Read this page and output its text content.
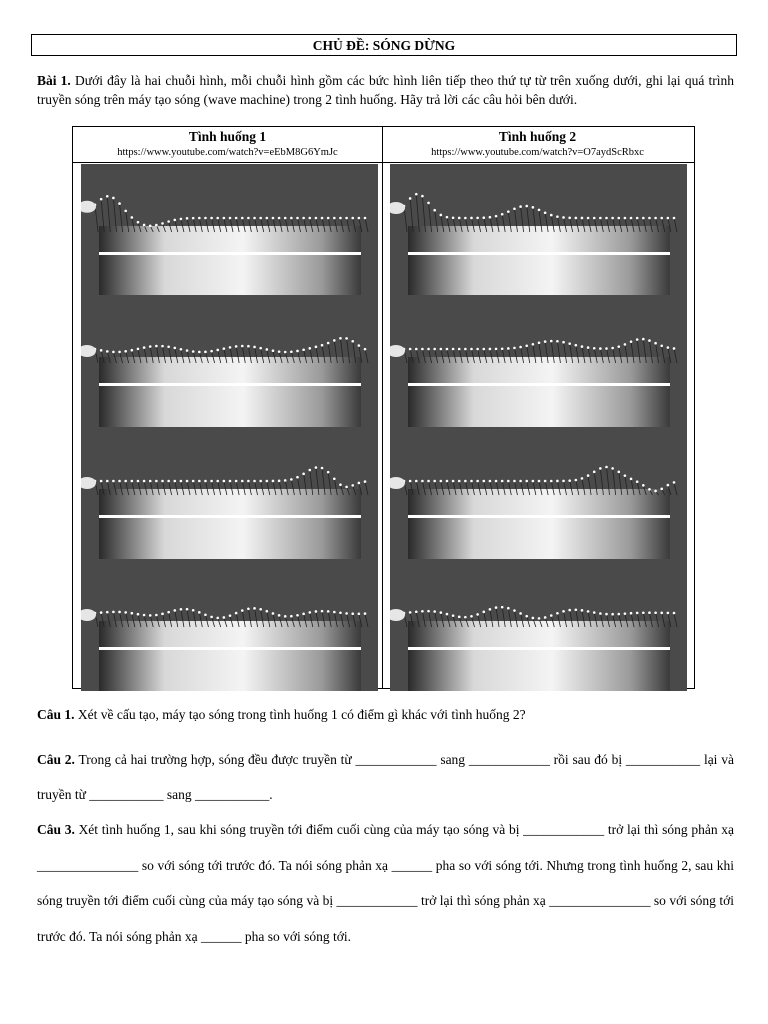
CHỦ ĐỀ: SÓNG DỪNG
Bài 1. Dưới đây là hai chuỗi hình, mỗi chuỗi hình gồm các bức hình liên tiếp theo thứ tự từ trên xuống dưới, ghi lại quá trình truyền sóng trên máy tạo sóng (wave machine) trong 2 tình huống. Hãy trả lời các câu hỏi bên dưới.
Tình huống 1
https://www.youtube.com/watch?v=eEbM8G6YmJc
Tình huống 2
https://www.youtube.com/watch?v=O7aydScRbxc
Câu 1. Xét về cấu tạo, máy tạo sóng trong tình huống 1 có điểm gì khác với tình huống 2?
Câu 2. Trong cả hai trường hợp, sóng đều được truyền từ ____________ sang ____________ rồi sau đó bị ___________ lại và truyền từ ___________ sang ___________.
Câu 3. Xét tình huống 1, sau khi sóng truyền tới điểm cuối cùng của máy tạo sóng và bị ____________ trở lại thì sóng phản xạ _______________ so với sóng tới trước đó. Ta nói sóng phản xạ ______ pha so với sóng tới. Nhưng trong tình huống 2, sau khi sóng truyền tới điểm cuối cùng của máy tạo sóng và bị ____________ trở lại thì sóng phản xạ _______________ so với sóng tới trước đó. Ta nói sóng phản xạ ______ pha so với sóng tới.
